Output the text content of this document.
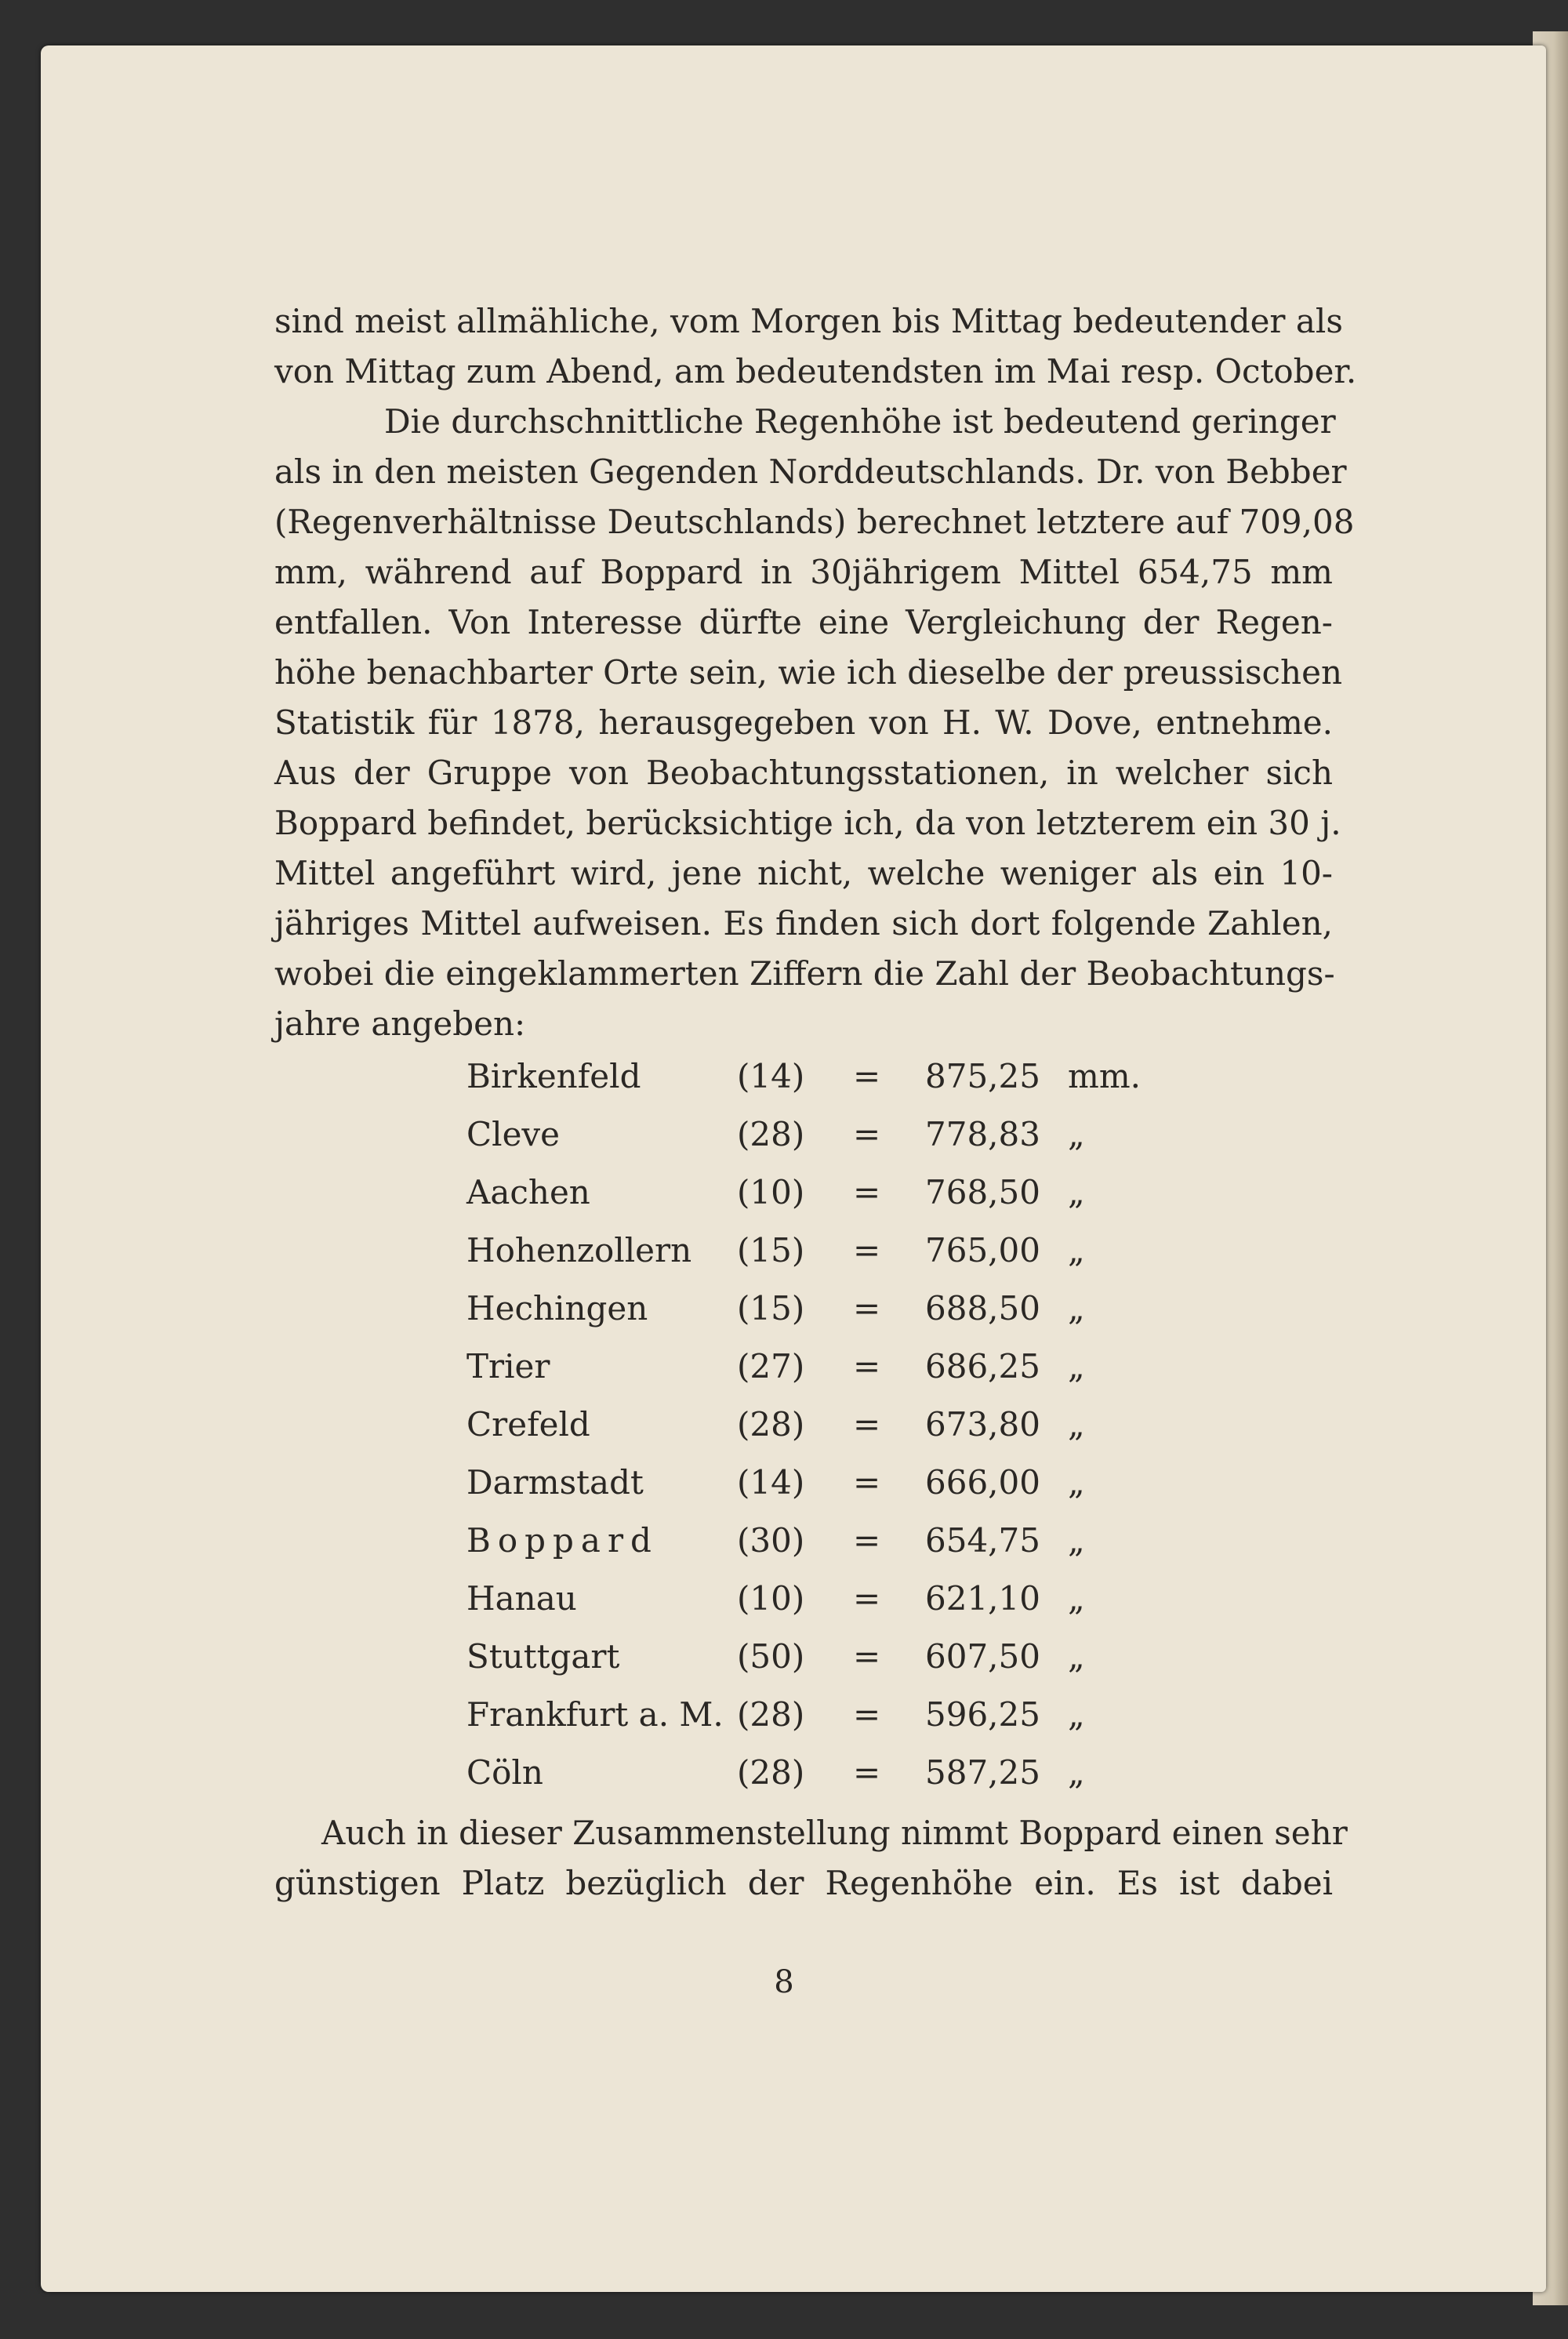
sind meist allmähliche, vom Morgen bis Mittag bedeutender als
von Mittag zum Abend, am bedeutendsten im Mai resp. October.
Die durchschnittliche Regenhöhe ist bedeutend geringer
als in den meisten Gegenden Norddeutschlands. Dr. von Bebber
(Regenverhältnisse Deutschlands) berechnet letztere auf 709,08
mm, während auf Boppard in 30jährigem Mittel 654,75 mm
entfallen. Von Interesse dürfte eine Vergleichung der Regen-
höhe benachbarter Orte sein, wie ich dieselbe der preussischen
Statistik für 1878, herausgegeben von H. W. Dove, entnehme.
Aus der Gruppe von Beobachtungsstationen, in welcher sich
Boppard befindet, berücksichtige ich, da von letzterem ein 30 j.
Mittel angeführt wird, jene nicht, welche weniger als ein 10-
jähriges Mittel aufweisen. Es finden sich dort folgende Zahlen,
wobei die eingeklammerten Ziffern die Zahl der Beobachtungs-
jahre angeben:
Birkenfeld	(14) = 875,25 mm.
Cleve	(28) = 778,83 „
Aachen	(10) = 768,50 „
Hohenzollern (15) = 765,00 „
Hechingen	(15) = 688,50 „
Trier	(27) = 686,25 „
Crefeld	(28) = 673,80 „
Darmstadt	(14) = 666,00 „
Boppard (30) = 654,75 „
Hanau	(10) = 621,10 „
Stuttgart	(50) = 607,50 „
Frankfurt a. M. (28) = 596,25 „
Cöln	(28) = 587,25 „
Auch in dieser Zusammenstellung nimmt Boppard einen sehr
günstigen Platz bezüglich der Regenhöhe ein. Es ist dabei
8
